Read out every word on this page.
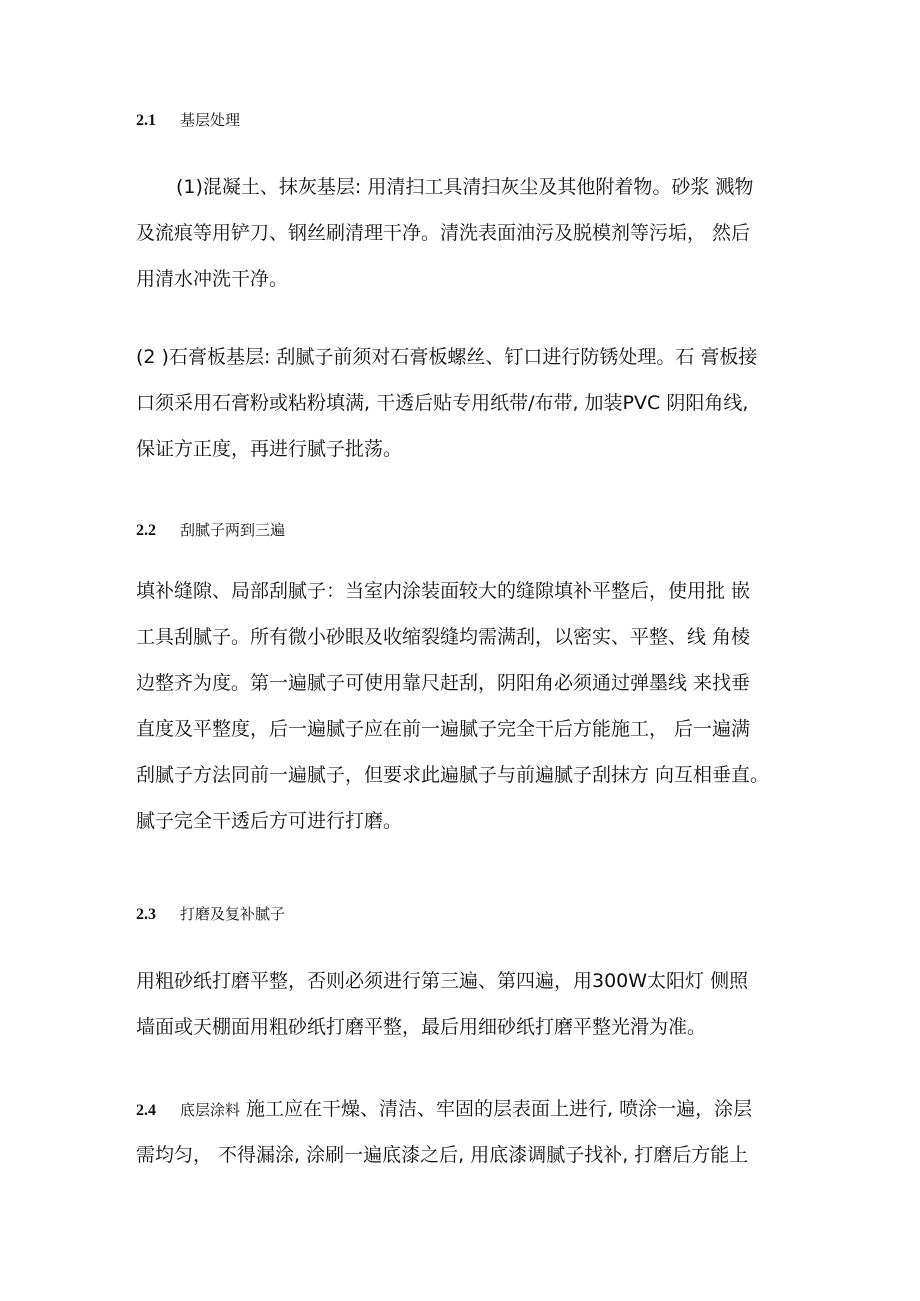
2.1 基层处理
(1)混凝土、抹灰基层: 用清扫工具清扫灰尘及其他附着物。砂浆 溅物
及流痕等用铲刀、钢丝刷清理干净。清洗表面油污及脱模剂等污垢， 然后
用清水冲洗干净。
(2 )石膏板基层: 刮腻子前须对石膏板螺丝、钉口进行防锈处理。石 膏板接
口须采用石膏粉或粘粉填满, 干透后贴专用纸带/布带, 加装PVC 阴阳角线,
保证方正度，再进行腻子批荡。
2.2 刮腻子两到三遍
填补缝隙、局部刮腻子：当室内涂装面较大的缝隙填补平整后，使用批 嵌
工具刮腻子。所有微小砂眼及收缩裂缝均需满刮，以密实、平整、线 角棱
边整齐为度。第一遍腻子可使用靠尺赶刮，阴阳角必须通过弹墨线 来找垂
直度及平整度，后一遍腻子应在前一遍腻子完全干后方能施工， 后一遍满
刮腻子方法同前一遍腻子，但要求此遍腻子与前遍腻子刮抹方 向互相垂直。
腻子完全干透后方可进行打磨。
2.3 打磨及复补腻子
用粗砂纸打磨平整，否则必须进行第三遍、第四遍，用300W太阳灯 侧照
墙面或天棚面用粗砂纸打磨平整，最后用细砂纸打磨平整光滑为准。
2.4 底层涂料 施工应在干燥、清洁、牢固的层表面上进行, 喷涂一遍，涂层
需均匀， 不得漏涂, 涂刷一遍底漆之后, 用底漆调腻子找补, 打磨后方能上
